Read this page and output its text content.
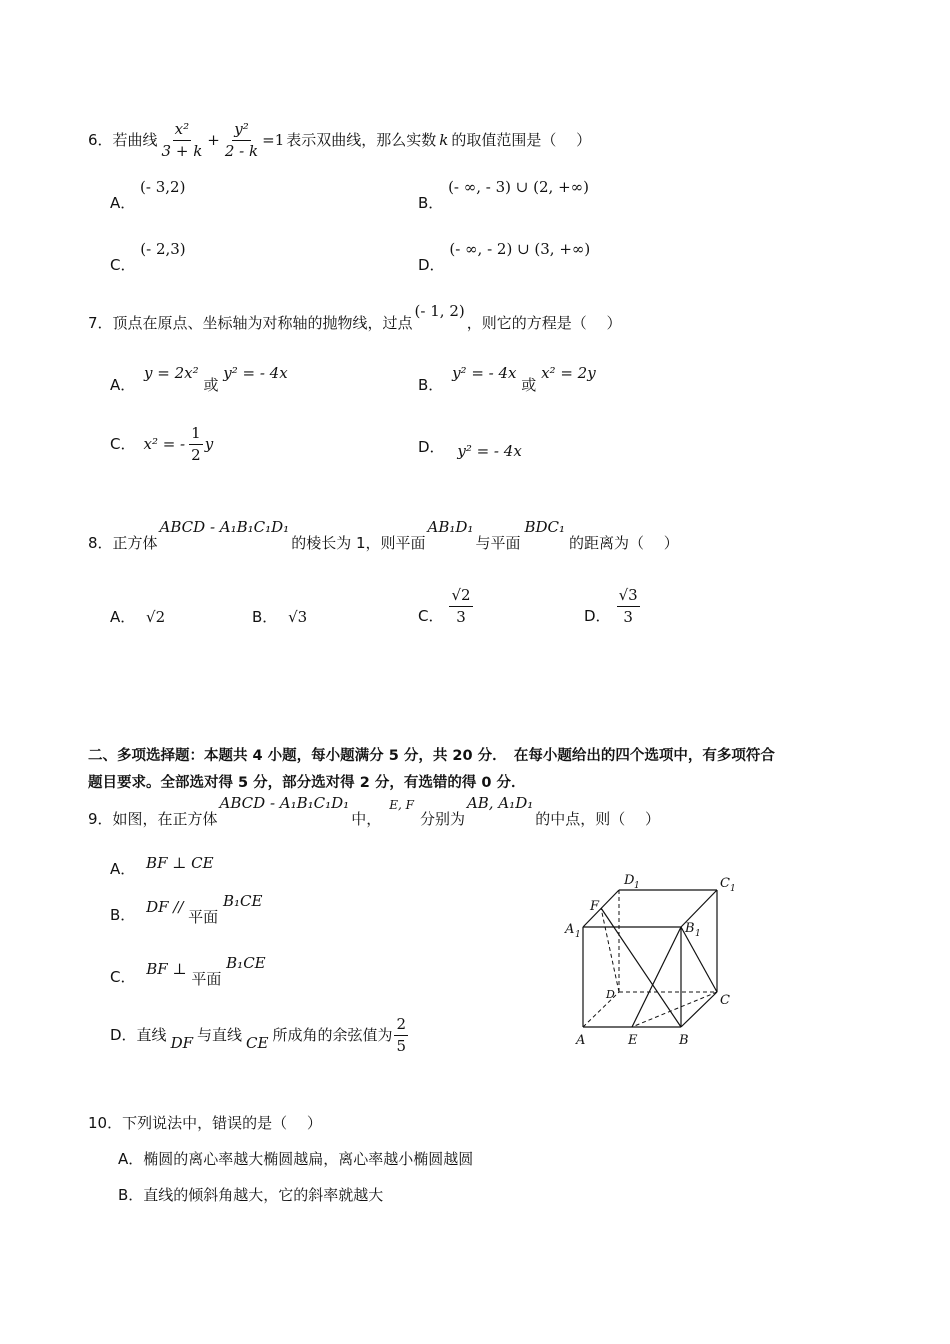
6．若曲线 $\frac{\text{x²}}{3 + k} + \frac{\text{y²}}{2 - k} =1$ 表示双曲线，那么实数 k 的取值范围是（　 ）
A． (- 3,2)
B． (- ∞, - 3) ∪ (2, +∞)
C． (- 2,3)
D． (- ∞, - 2) ∪ (3, +∞)
7．顶点在原点、坐标轴为对称轴的抛物线，过点
(- 1, 2)
，则它的方程是（　 ）
A． y = 2x² 或 y² = - 4x
B． y² = - 4x 或 x² = 2y
C． x² = - $\frac{1}{2}$ y	D． y² = - 4x
8．正方体
ABCD - A₁B₁C₁D₁
的棱长为 1，则平面
AB₁D₁
与平面
BDC₁
的距离为（　 ）
A． √2	B． √3	C． $\frac{√2}{3}$	D． $\frac{√3}{3}$
二、多项选择题：本题共 4 小题，每小题满分 5 分，共 20 分．　在每小题给出的四个选项中，有多项符合
题目要求。全部选对得 5 分，部分选对得 2 分，有选错的得 0 分．
9．如图，在正方体
ABCD - A₁B₁C₁D₁
中，
E, F
分别为
AB, A₁D₁
的中点，则（　 ）
A． BF ⊥ CE
B． DF // 平面 B₁CE
C． BF ⊥ 平面 B₁CE
D．直线 DF 与直线 CE 所成角的余弦值为 $\frac{2}{5}$	A	E	B
C
D
F
A 1	B 1
C 1
D 1
10．下列说法中，错误的是（　 ）
A．椭圆的离心率越大椭圆越扁，离心率越小椭圆越圆
B．直线的倾斜角越大，它的斜率就越大
